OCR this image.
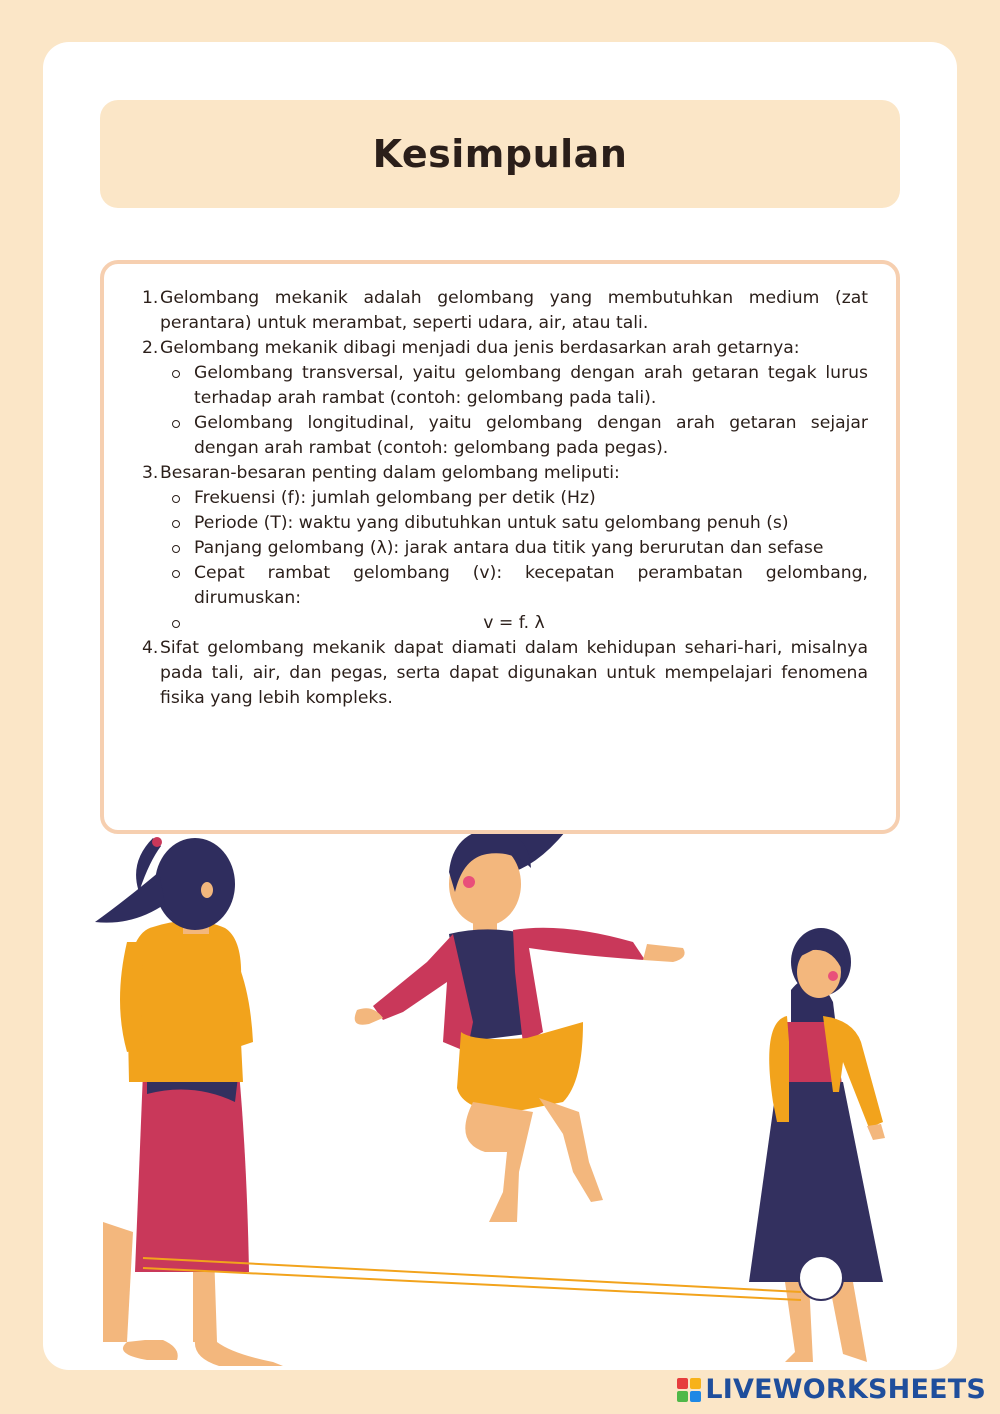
Kesimpulan
1. Gelombang mekanik adalah gelombang yang membutuhkan medium (zat perantara) untuk merambat, seperti udara, air, atau tali.
2. Gelombang mekanik dibagi menjadi dua jenis berdasarkan arah getarnya:
Gelombang transversal, yaitu gelombang dengan arah getaran tegak lurus terhadap arah rambat (contoh: gelombang pada tali).
Gelombang longitudinal, yaitu gelombang dengan arah getaran sejajar dengan arah rambat (contoh: gelombang pada pegas).
3. Besaran-besaran penting dalam gelombang meliputi:
Frekuensi (f): jumlah gelombang per detik (Hz)
Periode (T): waktu yang dibutuhkan untuk satu gelombang penuh (s)
Panjang gelombang (λ): jarak antara dua titik yang berurutan dan sefase
Cepat rambat gelombang (v): kecepatan perambatan gelombang, dirumuskan:
v = f. λ
4. Sifat gelombang mekanik dapat diamati dalam kehidupan sehari-hari, misalnya pada tali, air, dan pegas, serta dapat digunakan untuk mempelajari fenomena fisika yang lebih kompleks.
LIVEWORKSHEETS
